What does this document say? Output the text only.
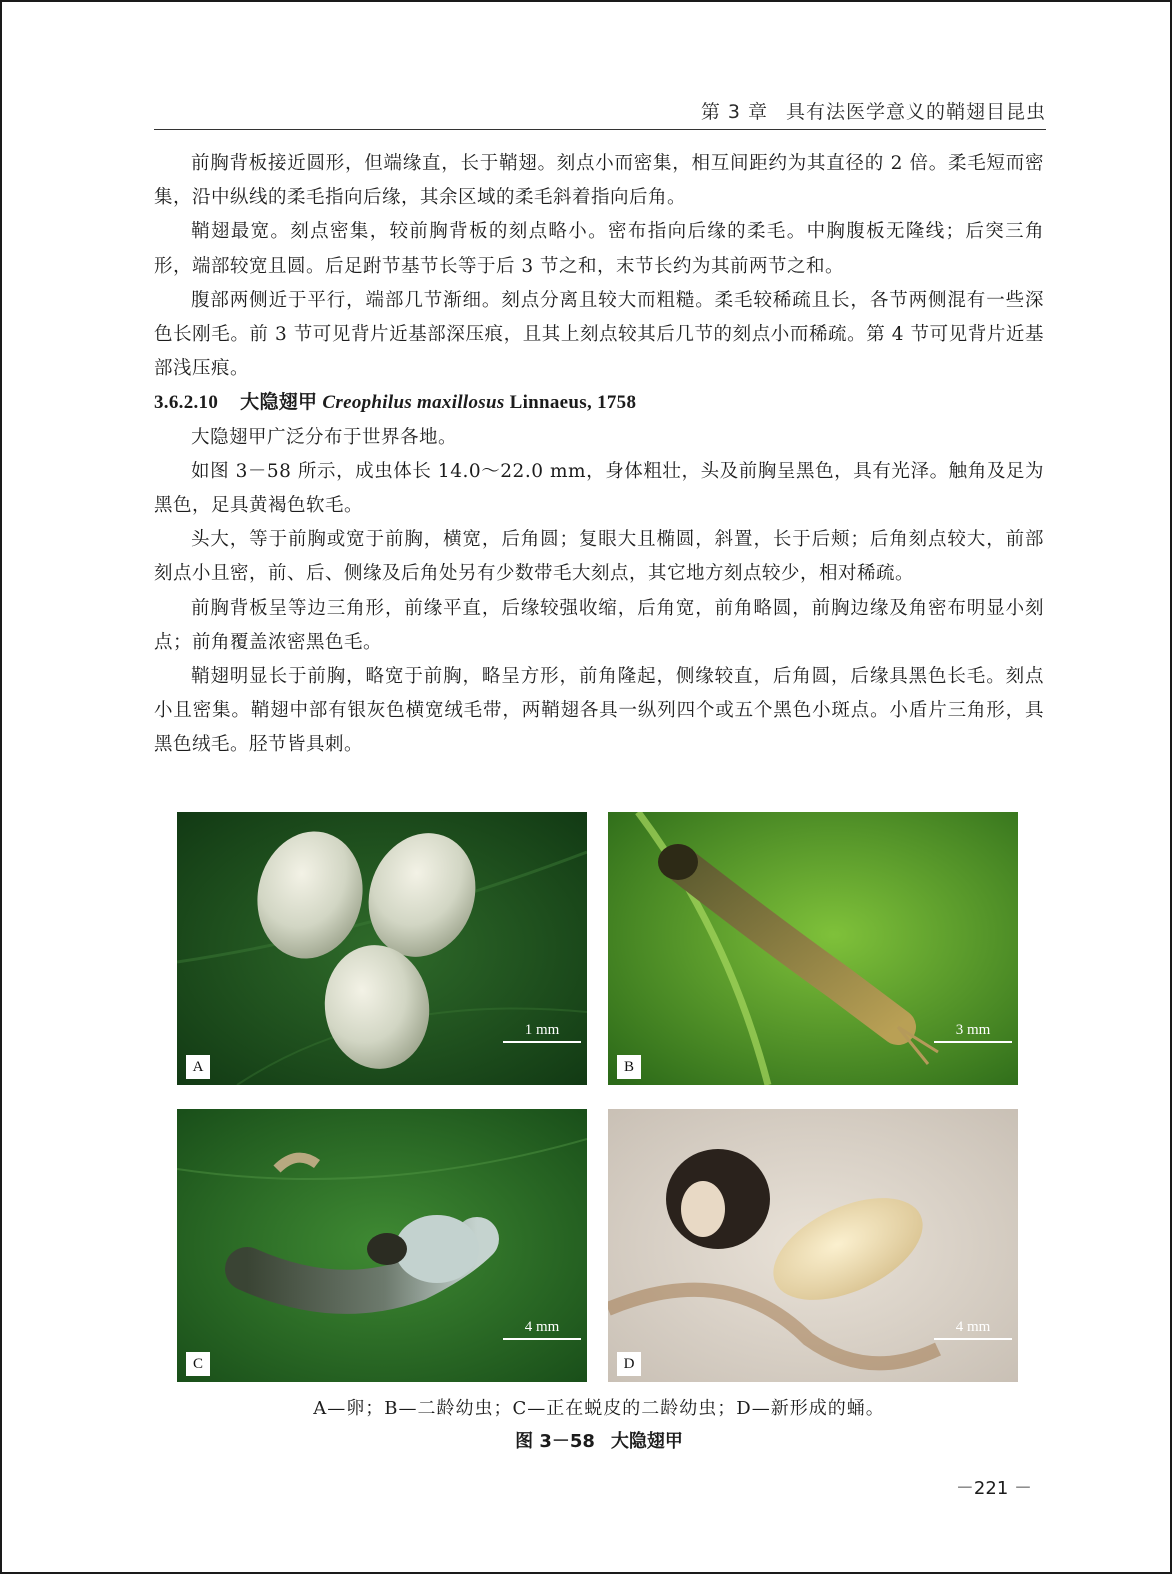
第 3 章 具有法医学意义的鞘翅目昆虫

前胸背板接近圆形，但端缘直，长于鞘翅。刻点小而密集，相互间距约为其直径的 2 倍。柔毛短而密集，沿中纵线的柔毛指向后缘，其余区域的柔毛斜着指向后角。

鞘翅最宽。刻点密集，较前胸背板的刻点略小。密布指向后缘的柔毛。中胸腹板无隆线；后突三角形，端部较宽且圆。后足跗节基节长等于后 3 节之和，末节长约为其前两节之和。

腹部两侧近于平行，端部几节渐细。刻点分离且较大而粗糙。柔毛较稀疏且长，各节两侧混有一些深色长刚毛。前 3 节可见背片近基部深压痕，且其上刻点较其后几节的刻点小而稀疏。第 4 节可见背片近基部浅压痕。

3.6.2.10 大隐翅甲 Creophilus maxillosus Linnaeus, 1758

大隐翅甲广泛分布于世界各地。

如图 3－58 所示，成虫体长 14.0～22.0 mm，身体粗壮，头及前胸呈黑色，具有光泽。触角及足为黑色，足具黄褐色软毛。

头大，等于前胸或宽于前胸，横宽，后角圆；复眼大且椭圆，斜置，长于后颊；后角刻点较大，前部刻点小且密，前、后、侧缘及后角处另有少数带毛大刻点，其它地方刻点较少，相对稀疏。

前胸背板呈等边三角形，前缘平直，后缘较强收缩，后角宽，前角略圆，前胸边缘及角密布明显小刻点；前角覆盖浓密黑色毛。

鞘翅明显长于前胸，略宽于前胸，略呈方形，前角隆起，侧缘较直，后角圆，后缘具黑色长毛。刻点小且密集。鞘翅中部有银灰色横宽绒毛带，两鞘翅各具一纵列四个或五个黑色小斑点。小盾片三角形，具黑色绒毛。胫节皆具刺。

1 mm
A
3 mm
B
4 mm
C
4 mm
D
A—卵；B—二龄幼虫；C—正在蜕皮的二龄幼虫；D—新形成的蛹。
图 3－58 大隐翅甲
－221 －
